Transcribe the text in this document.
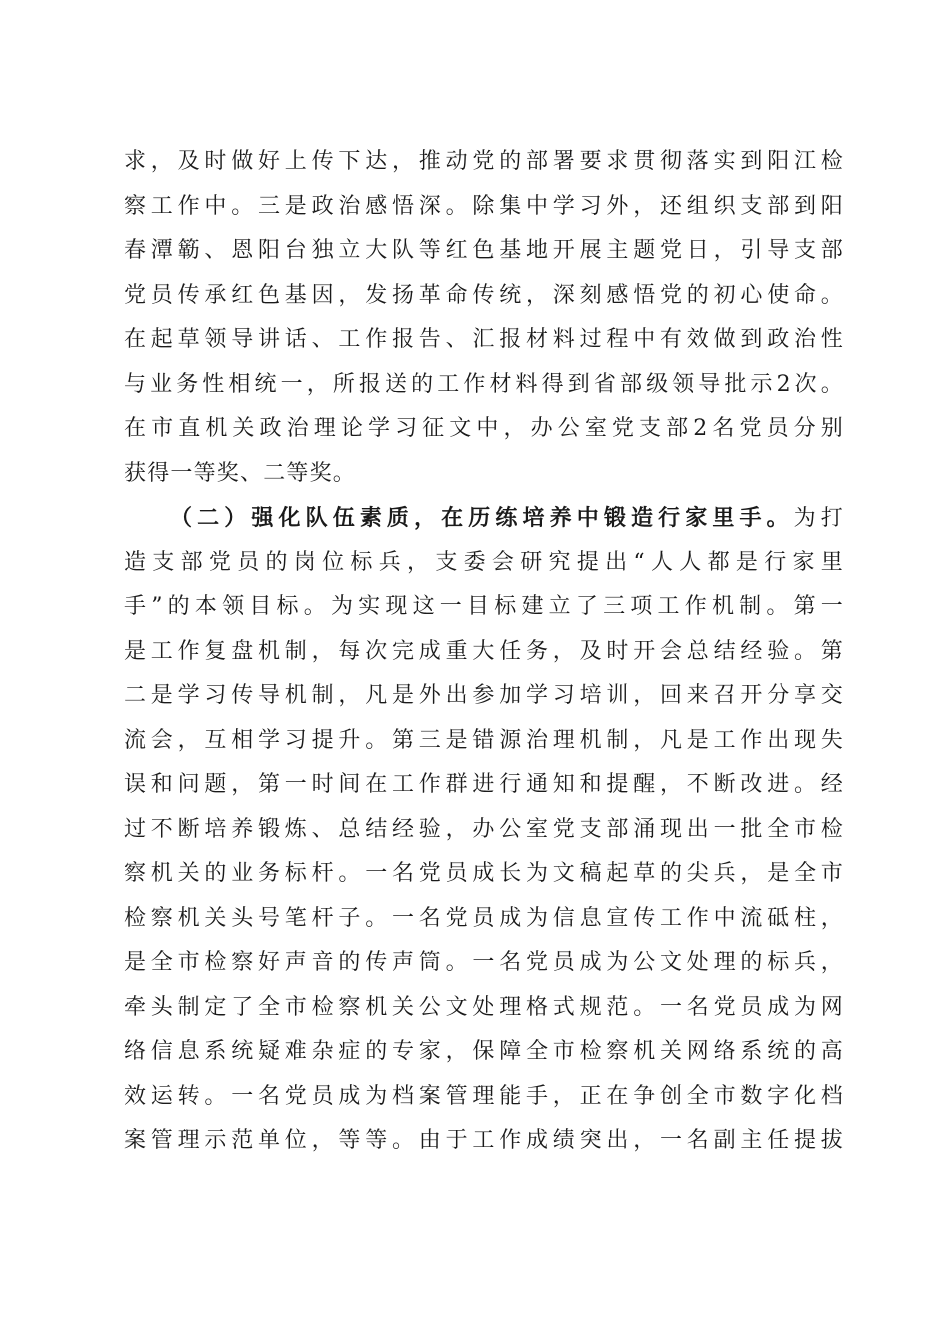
求，及时做好上传下达，推动党的部署要求贯彻落实到阳江检
察工作中。三是政治感悟深。除集中学习外，还组织支部到阳
春潭簕、恩阳台独立大队等红色基地开展主题党日，引导支部
党员传承红色基因，发扬革命传统，深刻感悟党的初心使命。
在起草领导讲话、工作报告、汇报材料过程中有效做到政治性
与业务性相统一，所报送的工作材料得到省部级领导批示2次。
在市直机关政治理论学习征文中，办公室党支部2名党员分别
获得一等奖、二等奖。
（二）强化队伍素质，在历练培养中锻造行家里手。为打
造支部党员的岗位标兵，支委会研究提出“人人都是行家里
手”的本领目标。为实现这一目标建立了三项工作机制。第一
是工作复盘机制，每次完成重大任务，及时开会总结经验。第
二是学习传导机制，凡是外出参加学习培训，回来召开分享交
流会，互相学习提升。第三是错源治理机制，凡是工作出现失
误和问题，第一时间在工作群进行通知和提醒，不断改进。经
过不断培养锻炼、总结经验，办公室党支部涌现出一批全市检
察机关的业务标杆。一名党员成长为文稿起草的尖兵，是全市
检察机关头号笔杆子。一名党员成为信息宣传工作中流砥柱，
是全市检察好声音的传声筒。一名党员成为公文处理的标兵，
牵头制定了全市检察机关公文处理格式规范。一名党员成为网
络信息系统疑难杂症的专家，保障全市检察机关网络系统的高
效运转。一名党员成为档案管理能手，正在争创全市数字化档
案管理示范单位，等等。由于工作成绩突出，一名副主任提拔
